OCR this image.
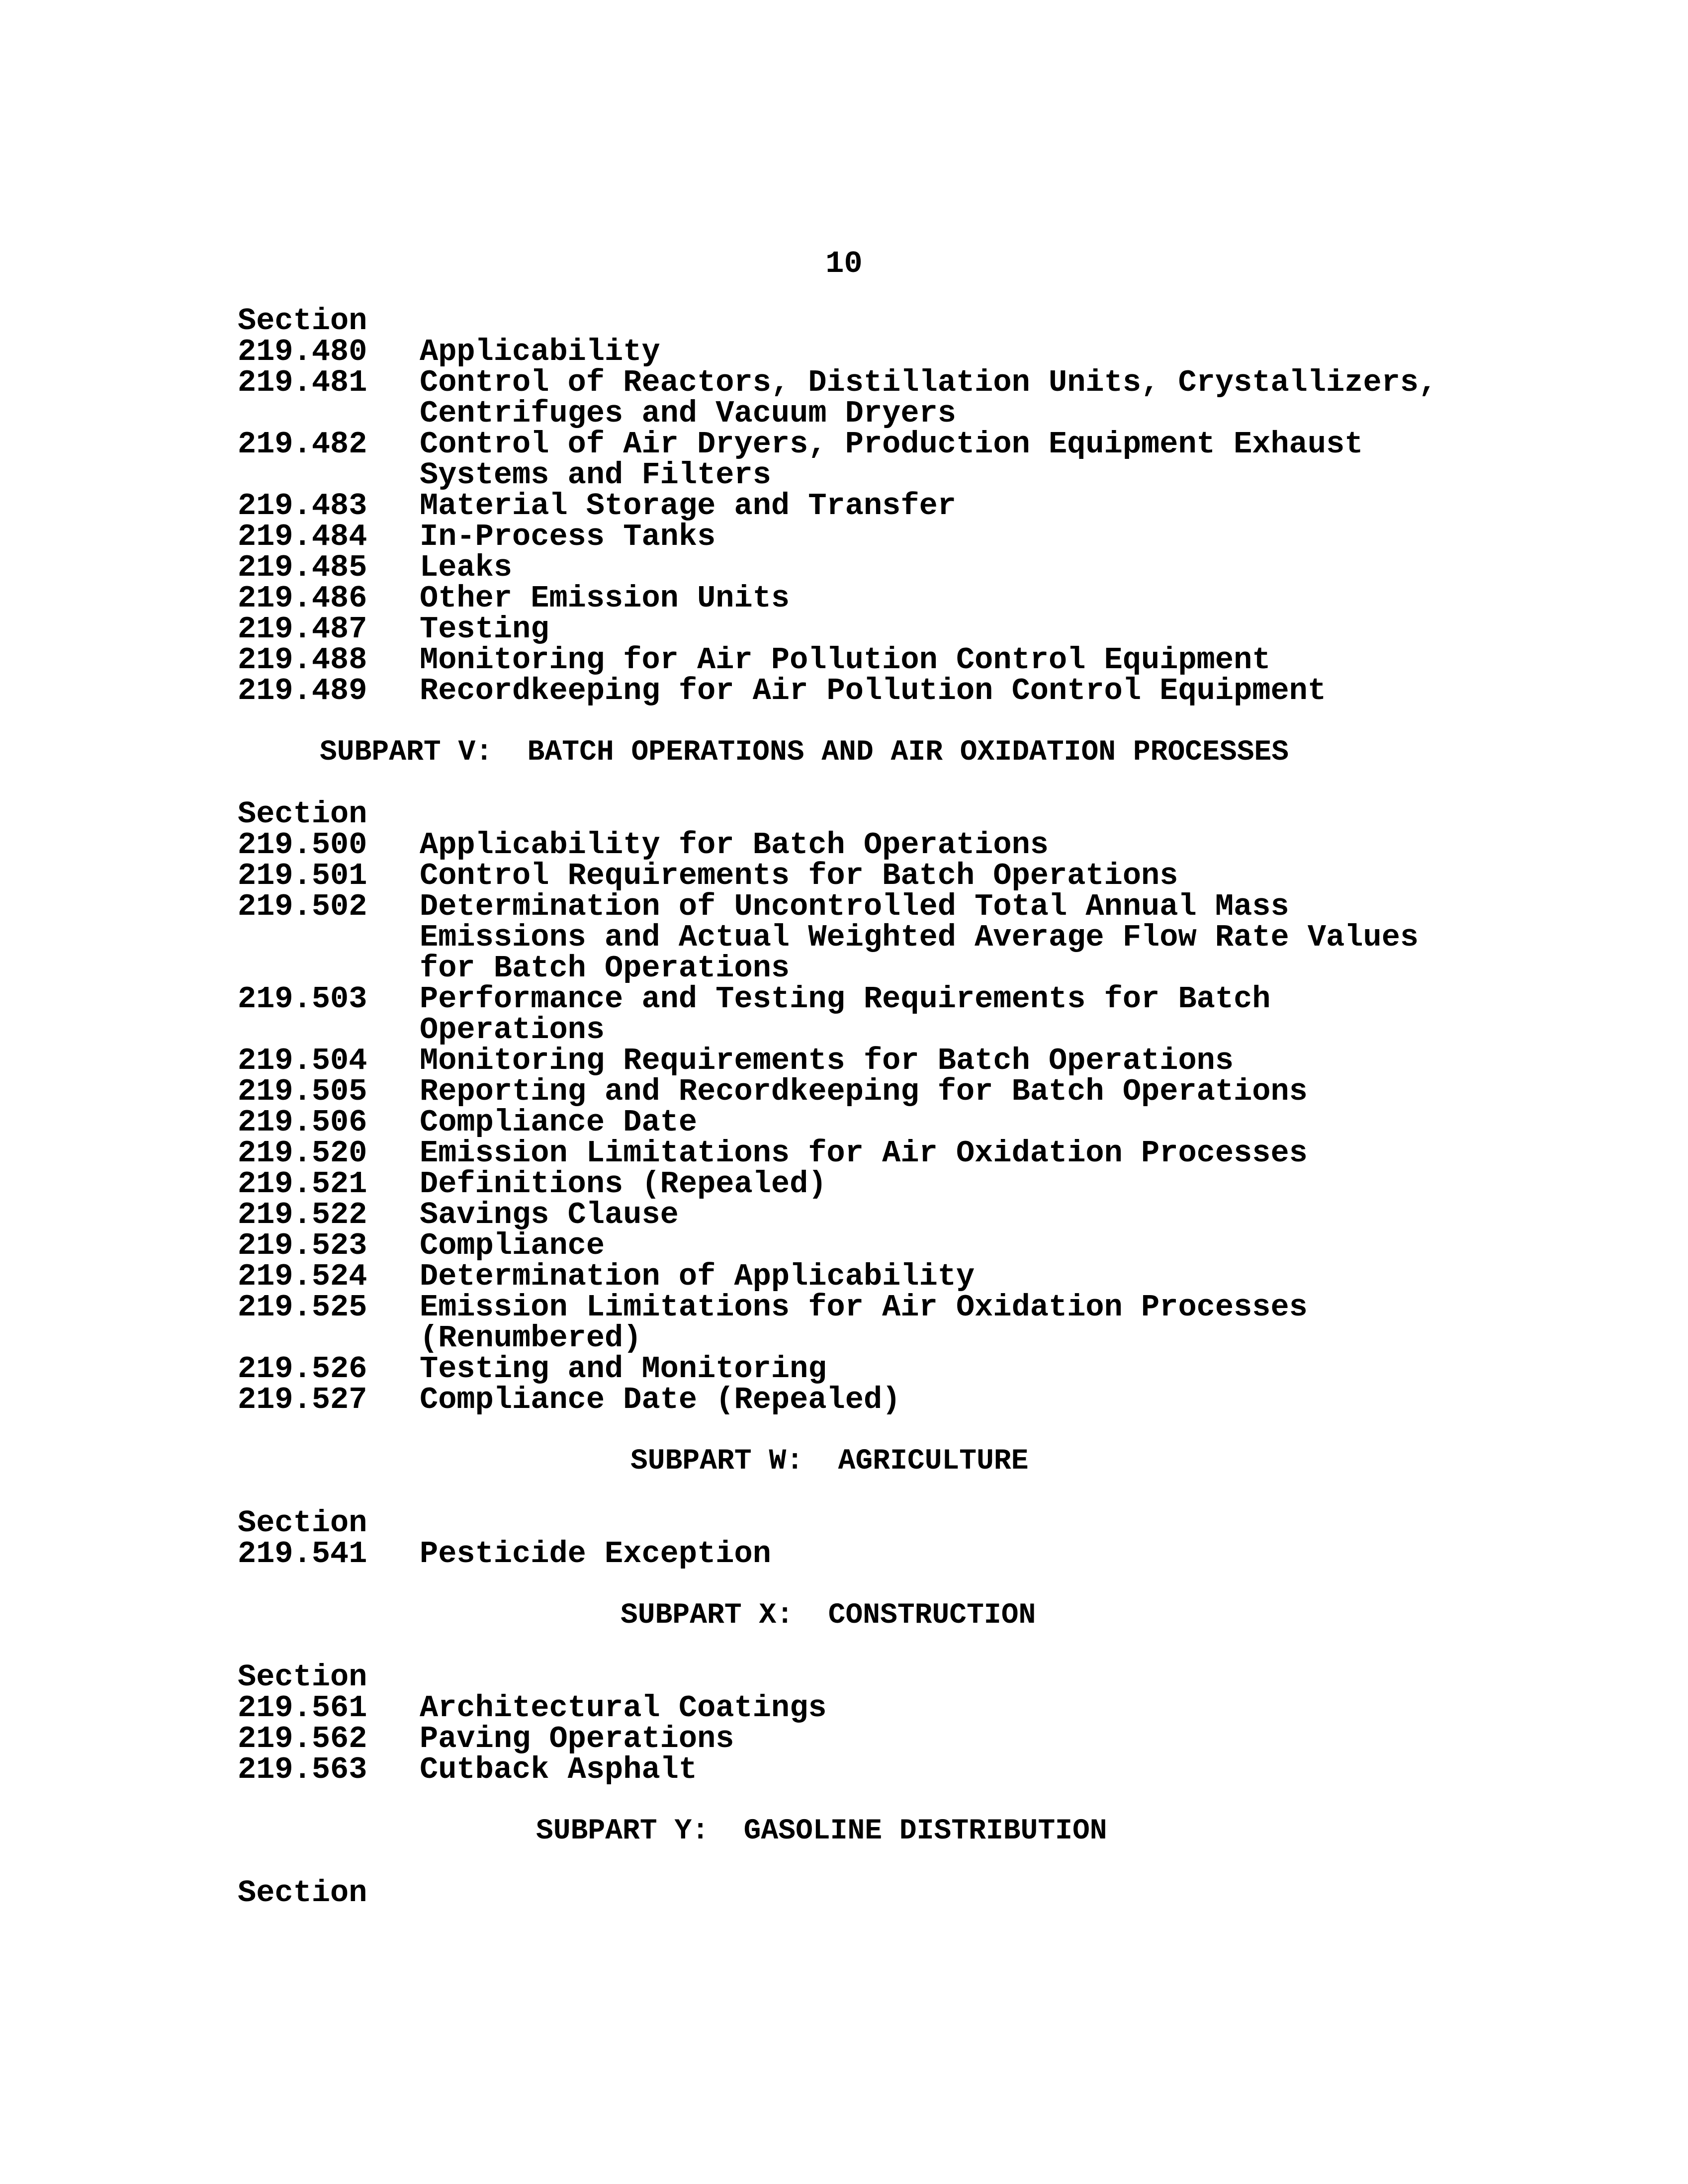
10
Section
219.480	Applicability
219.481	Control of Reactors, Distillation Units, Crystallizers,
Centrifuges and Vacuum Dryers
219.482	Control of Air Dryers, Production Equipment Exhaust
Systems and Filters
219.483	Material Storage and Transfer
219.484	In-Process Tanks
219.485	Leaks
219.486	Other Emission Units
219.487	Testing
219.488	Monitoring for Air Pollution Control Equipment
219.489	Recordkeeping for Air Pollution Control Equipment
SUBPART V:  BATCH OPERATIONS AND AIR OXIDATION PROCESSES
Section
219.500	Applicability for Batch Operations
219.501	Control Requirements for Batch Operations
219.502	Determination of Uncontrolled Total Annual Mass
Emissions and Actual Weighted Average Flow Rate Values
for Batch Operations
219.503	Performance and Testing Requirements for Batch
Operations
219.504	Monitoring Requirements for Batch Operations
219.505	Reporting and Recordkeeping for Batch Operations
219.506	Compliance Date
219.520	Emission Limitations for Air Oxidation Processes
219.521	Definitions (Repealed)
219.522	Savings Clause
219.523	Compliance
219.524	Determination of Applicability
219.525	Emission Limitations for Air Oxidation Processes
(Renumbered)
219.526	Testing and Monitoring
219.527	Compliance Date (Repealed)
SUBPART W:  AGRICULTURE
Section
219.541	Pesticide Exception
SUBPART X:  CONSTRUCTION
Section
219.561	Architectural Coatings
219.562	Paving Operations
219.563	Cutback Asphalt
SUBPART Y:  GASOLINE DISTRIBUTION
Section
